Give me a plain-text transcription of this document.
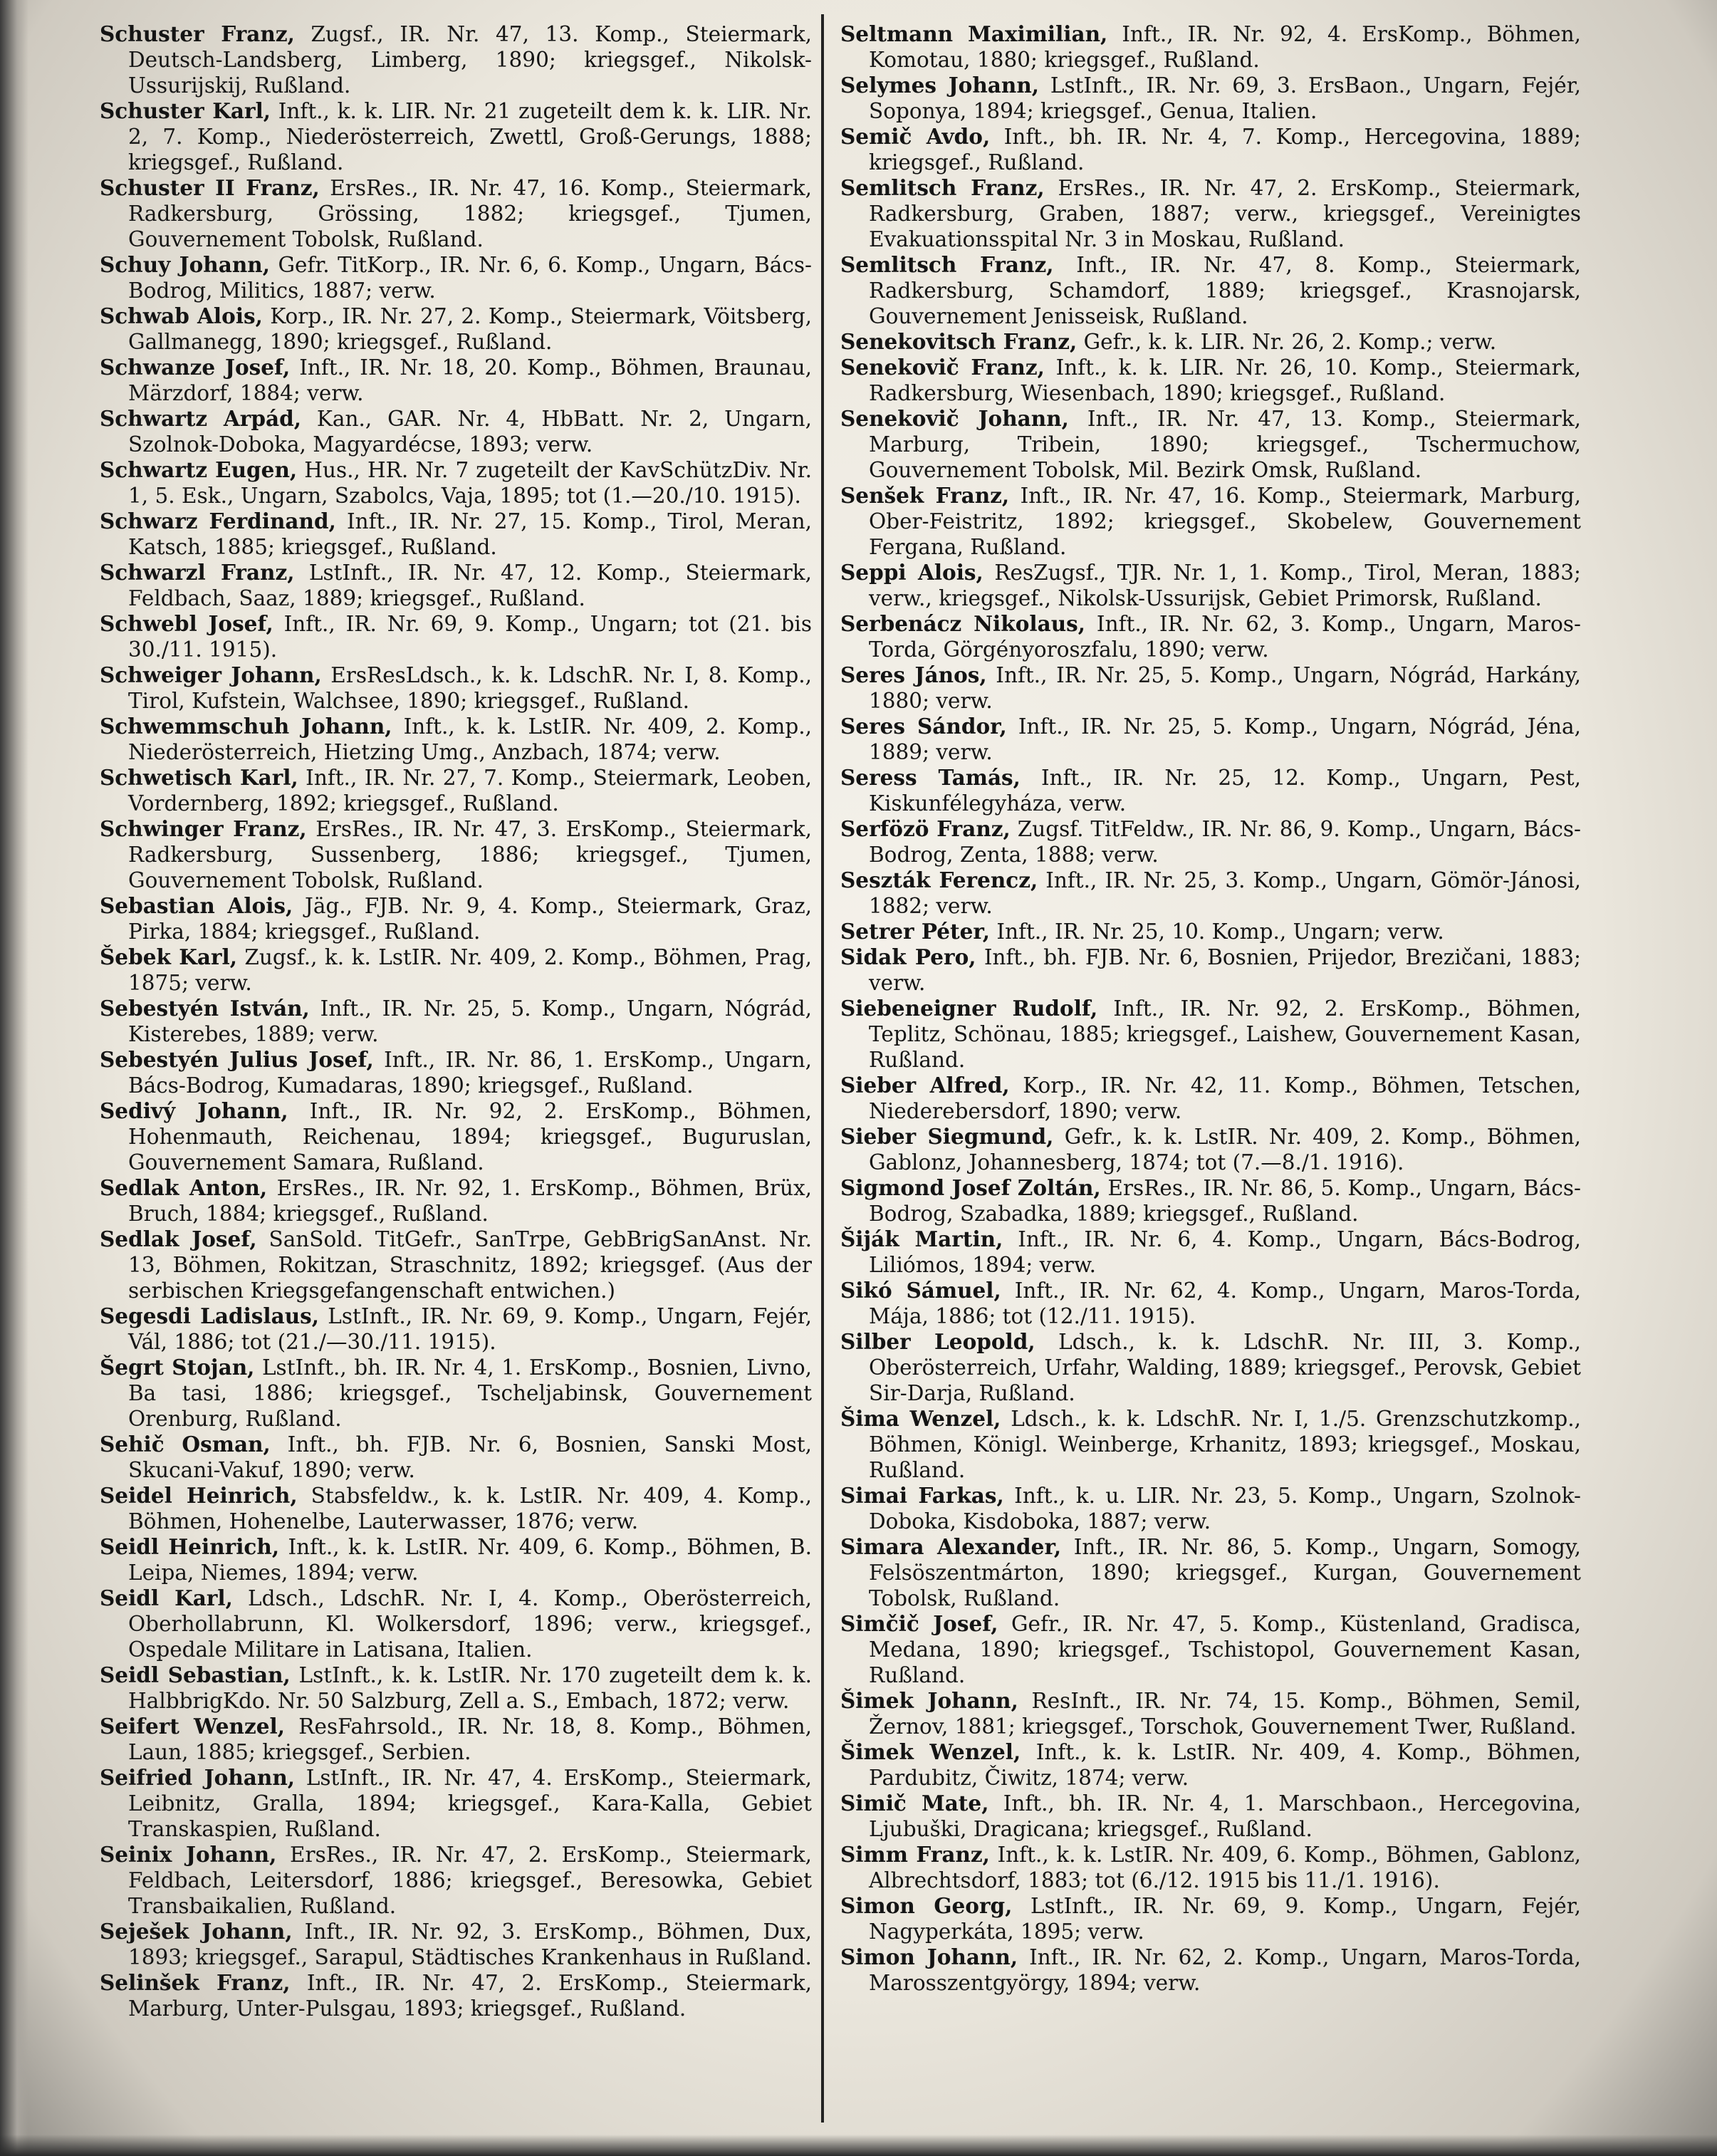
Schuster Franz, Zugsf., IR. Nr. 47, 13. Komp., Steiermark, Deutsch-Landsberg, Limberg, 1890; kriegsgef., Nikolsk-Ussurijskij, Rußland.

Schuster Karl, Inft., k. k. LIR. Nr. 21 zugeteilt dem k. k. LIR. Nr. 2, 7. Komp., Niederösterreich, Zwettl, Groß-Gerungs, 1888; kriegsgef., Rußland.

Schuster II Franz, ErsRes., IR. Nr. 47, 16. Komp., Steiermark, Radkersburg, Grössing, 1882; kriegsgef., Tjumen, Gouvernement Tobolsk, Rußland.

Schuy Johann, Gefr. TitKorp., IR. Nr. 6, 6. Komp., Ungarn, Bács-Bodrog, Militics, 1887; verw.

Schwab Alois, Korp., IR. Nr. 27, 2. Komp., Steiermark, Vöitsberg, Gallmanegg, 1890; kriegsgef., Rußland.

Schwanze Josef, Inft., IR. Nr. 18, 20. Komp., Böhmen, Braunau, Märzdorf, 1884; verw.

Schwartz Arpád, Kan., GAR. Nr. 4, HbBatt. Nr. 2, Ungarn, Szolnok-Doboka, Magyardécse, 1893; verw.

Schwartz Eugen, Hus., HR. Nr. 7 zugeteilt der KavSchützDiv. Nr. 1, 5. Esk., Ungarn, Szabolcs, Vaja, 1895; tot (1.—20./10. 1915).

Schwarz Ferdinand, Inft., IR. Nr. 27, 15. Komp., Tirol, Meran, Katsch, 1885; kriegsgef., Rußland.

Schwarzl Franz, LstInft., IR. Nr. 47, 12. Komp., Steiermark, Feldbach, Saaz, 1889; kriegsgef., Rußland.

Schwebl Josef, Inft., IR. Nr. 69, 9. Komp., Ungarn; tot (21. bis 30./11. 1915).

Schweiger Johann, ErsResLdsch., k. k. LdschR. Nr. I, 8. Komp., Tirol, Kufstein, Walchsee, 1890; kriegsgef., Rußland.

Schwemmschuh Johann, Inft., k. k. LstIR. Nr. 409, 2. Komp., Niederösterreich, Hietzing Umg., Anzbach, 1874; verw.

Schwetisch Karl, Inft., IR. Nr. 27, 7. Komp., Steiermark, Leoben, Vordernberg, 1892; kriegsgef., Rußland.

Schwinger Franz, ErsRes., IR. Nr. 47, 3. ErsKomp., Steiermark, Radkersburg, Sussenberg, 1886; kriegsgef., Tjumen, Gouvernement Tobolsk, Rußland.

Sebastian Alois, Jäg., FJB. Nr. 9, 4. Komp., Steiermark, Graz, Pirka, 1884; kriegsgef., Rußland.

Šebek Karl, Zugsf., k. k. LstIR. Nr. 409, 2. Komp., Böhmen, Prag, 1875; verw.

Sebestyén István, Inft., IR. Nr. 25, 5. Komp., Ungarn, Nógrád, Kisterebes, 1889; verw.

Sebestyén Julius Josef, Inft., IR. Nr. 86, 1. ErsKomp., Ungarn, Bács-Bodrog, Kumadaras, 1890; kriegsgef., Rußland.

Sedivý Johann, Inft., IR. Nr. 92, 2. ErsKomp., Böhmen, Hohenmauth, Reichenau, 1894; kriegsgef., Buguruslan, Gouvernement Samara, Rußland.

Sedlak Anton, ErsRes., IR. Nr. 92, 1. ErsKomp., Böhmen, Brüx, Bruch, 1884; kriegsgef., Rußland.

Sedlak Josef, SanSold. TitGefr., SanTrpe, GebBrigSanAnst. Nr. 13, Böhmen, Rokitzan, Straschnitz, 1892; kriegsgef. (Aus der serbischen Kriegsgefangenschaft entwichen.)

Segesdi Ladislaus, LstInft., IR. Nr. 69, 9. Komp., Ungarn, Fejér, Vál, 1886; tot (21./—30./11. 1915).

Šegrt Stojan, LstInft., bh. IR. Nr. 4, 1. ErsKomp., Bosnien, Livno, Ba tasi, 1886; kriegsgef., Tscheljabinsk, Gouvernement Orenburg, Rußland.

Sehič Osman, Inft., bh. FJB. Nr. 6, Bosnien, Sanski Most, Skucani-Vakuf, 1890; verw.

Seidel Heinrich, Stabsfeldw., k. k. LstIR. Nr. 409, 4. Komp., Böhmen, Hohenelbe, Lauterwasser, 1876; verw.

Seidl Heinrich, Inft., k. k. LstIR. Nr. 409, 6. Komp., Böhmen, B. Leipa, Niemes, 1894; verw.

Seidl Karl, Ldsch., LdschR. Nr. I, 4. Komp., Oberösterreich, Oberhollabrunn, Kl. Wolkersdorf, 1896; verw., kriegsgef., Ospedale Militare in Latisana, Italien.

Seidl Sebastian, LstInft., k. k. LstIR. Nr. 170 zugeteilt dem k. k. HalbbrigKdo. Nr. 50 Salzburg, Zell a. S., Embach, 1872; verw.

Seifert Wenzel, ResFahrsold., IR. Nr. 18, 8. Komp., Böhmen, Laun, 1885; kriegsgef., Serbien.

Seifried Johann, LstInft., IR. Nr. 47, 4. ErsKomp., Steiermark, Leibnitz, Gralla, 1894; kriegsgef., Kara-Kalla, Gebiet Transkaspien, Rußland.

Seinix Johann, ErsRes., IR. Nr. 47, 2. ErsKomp., Steiermark, Feldbach, Leitersdorf, 1886; kriegsgef., Beresowka, Gebiet Transbaikalien, Rußland.

Seješek Johann, Inft., IR. Nr. 92, 3. ErsKomp., Böhmen, Dux, 1893; kriegsgef., Sarapul, Städtisches Krankenhaus in Rußland.

Selinšek Franz, Inft., IR. Nr. 47, 2. ErsKomp., Steiermark, Marburg, Unter-Pulsgau, 1893; kriegsgef., Rußland.

Seltmann Maximilian, Inft., IR. Nr. 92, 4. ErsKomp., Böhmen, Komotau, 1880; kriegsgef., Rußland.

Selymes Johann, LstInft., IR. Nr. 69, 3. ErsBaon., Ungarn, Fejér, Soponya, 1894; kriegsgef., Genua, Italien.

Semič Avdo, Inft., bh. IR. Nr. 4, 7. Komp., Hercegovina, 1889; kriegsgef., Rußland.

Semlitsch Franz, ErsRes., IR. Nr. 47, 2. ErsKomp., Steiermark, Radkersburg, Graben, 1887; verw., kriegsgef., Vereinigtes Evakuationsspital Nr. 3 in Moskau, Rußland.

Semlitsch Franz, Inft., IR. Nr. 47, 8. Komp., Steiermark, Radkersburg, Schamdorf, 1889; kriegsgef., Krasnojarsk, Gouvernement Jenisseisk, Rußland.

Senekovitsch Franz, Gefr., k. k. LIR. Nr. 26, 2. Komp.; verw.

Senekovič Franz, Inft., k. k. LIR. Nr. 26, 10. Komp., Steiermark, Radkersburg, Wiesenbach, 1890; kriegsgef., Rußland.

Senekovič Johann, Inft., IR. Nr. 47, 13. Komp., Steiermark, Marburg, Tribein, 1890; kriegsgef., Tschermuchow, Gouvernement Tobolsk, Mil. Bezirk Omsk, Rußland.

Senšek Franz, Inft., IR. Nr. 47, 16. Komp., Steiermark, Marburg, Ober-Feistritz, 1892; kriegsgef., Skobelew, Gouvernement Fergana, Rußland.

Seppi Alois, ResZugsf., TJR. Nr. 1, 1. Komp., Tirol, Meran, 1883; verw., kriegsgef., Nikolsk-Ussurijsk, Gebiet Primorsk, Rußland.

Serbenácz Nikolaus, Inft., IR. Nr. 62, 3. Komp., Ungarn, Maros-Torda, Görgényoroszfalu, 1890; verw.

Seres János, Inft., IR. Nr. 25, 5. Komp., Ungarn, Nógrád, Harkány, 1880; verw.

Seres Sándor, Inft., IR. Nr. 25, 5. Komp., Ungarn, Nógrád, Jéna, 1889; verw.

Seress Tamás, Inft., IR. Nr. 25, 12. Komp., Ungarn, Pest, Kiskunfélegyháza, verw.

Serfözö Franz, Zugsf. TitFeldw., IR. Nr. 86, 9. Komp., Ungarn, Bács-Bodrog, Zenta, 1888; verw.

Seszták Ferencz, Inft., IR. Nr. 25, 3. Komp., Ungarn, Gömör-Jánosi, 1882; verw.

Setrer Péter, Inft., IR. Nr. 25, 10. Komp., Ungarn; verw.

Sidak Pero, Inft., bh. FJB. Nr. 6, Bosnien, Prijedor, Brezičani, 1883; verw.

Siebeneigner Rudolf, Inft., IR. Nr. 92, 2. ErsKomp., Böhmen, Teplitz, Schönau, 1885; kriegsgef., Laishew, Gouvernement Kasan, Rußland.

Sieber Alfred, Korp., IR. Nr. 42, 11. Komp., Böhmen, Tetschen, Niederebersdorf, 1890; verw.

Sieber Siegmund, Gefr., k. k. LstIR. Nr. 409, 2. Komp., Böhmen, Gablonz, Johannesberg, 1874; tot (7.—8./1. 1916).

Sigmond Josef Zoltán, ErsRes., IR. Nr. 86, 5. Komp., Ungarn, Bács-Bodrog, Szabadka, 1889; kriegsgef., Rußland.

Šiják Martin, Inft., IR. Nr. 6, 4. Komp., Ungarn, Bács-Bodrog, Liliómos, 1894; verw.

Sikó Sámuel, Inft., IR. Nr. 62, 4. Komp., Ungarn, Maros-Torda, Mája, 1886; tot (12./11. 1915).

Silber Leopold, Ldsch., k. k. LdschR. Nr. III, 3. Komp., Oberösterreich, Urfahr, Walding, 1889; kriegsgef., Perovsk, Gebiet Sir-Darja, Rußland.

Šima Wenzel, Ldsch., k. k. LdschR. Nr. I, 1./5. Grenzschutzkomp., Böhmen, Königl. Weinberge, Krhanitz, 1893; kriegsgef., Moskau, Rußland.

Simai Farkas, Inft., k. u. LIR. Nr. 23, 5. Komp., Ungarn, Szolnok-Doboka, Kisdoboka, 1887; verw.

Simara Alexander, Inft., IR. Nr. 86, 5. Komp., Ungarn, Somogy, Felsöszentmárton, 1890; kriegsgef., Kurgan, Gouvernement Tobolsk, Rußland.

Simčič Josef, Gefr., IR. Nr. 47, 5. Komp., Küstenland, Gradisca, Medana, 1890; kriegsgef., Tschistopol, Gouvernement Kasan, Rußland.

Šimek Johann, ResInft., IR. Nr. 74, 15. Komp., Böhmen, Semil, Žernov, 1881; kriegsgef., Torschok, Gouvernement Twer, Rußland.

Šimek Wenzel, Inft., k. k. LstIR. Nr. 409, 4. Komp., Böhmen, Pardubitz, Čiwitz, 1874; verw.

Simič Mate, Inft., bh. IR. Nr. 4, 1. Marschbaon., Hercegovina, Ljubuški, Dragicana; kriegsgef., Rußland.

Simm Franz, Inft., k. k. LstIR. Nr. 409, 6. Komp., Böhmen, Gablonz, Albrechtsdorf, 1883; tot (6./12. 1915 bis 11./1. 1916).

Simon Georg, LstInft., IR. Nr. 69, 9. Komp., Ungarn, Fejér, Nagyperkáta, 1895; verw.

Simon Johann, Inft., IR. Nr. 62, 2. Komp., Ungarn, Maros-Torda, Marosszentgyörgy, 1894; verw.
